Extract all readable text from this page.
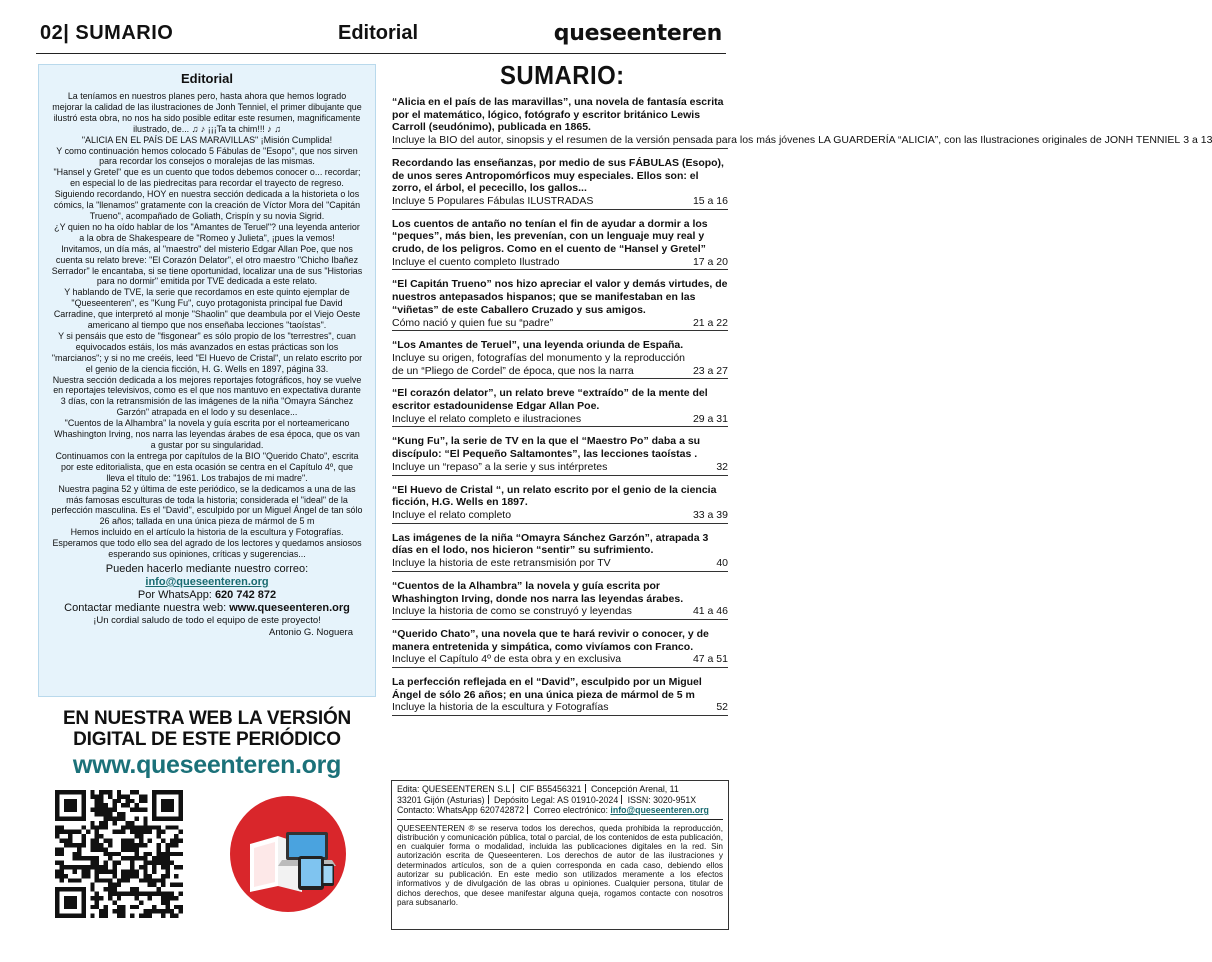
02| SUMARIO	Editorial	queseenteren
Editorial

La teníamos en nuestros planes pero, hasta ahora que hemos logrado mejorar la calidad de las ilustraciones de Jonh Tenniel, el primer dibujante que ilustró esta obra, no nos ha sido posible editar este resumen, magnificamente ilustrado, de... ♫ ♪ ¡¡¡Ta ta chim!!! ♪ ♫

"ALICIA EN EL PAÍS DE LAS MARAVILLAS" ¡Misión Cumplida!

Y como continuación hemos colocado 5 Fábulas de "Esopo", que nos sirven para recordar los consejos o moralejas de las mismas.

"Hansel y Gretel" que es un cuento que todos debemos conocer o... recordar; en especial lo de las piedrecitas para recordar el trayecto de regreso.

Siguiendo recordando, HOY en nuestra sección dedicada a la historieta o los cómics, la "llenamos" gratamente con la creación de Víctor Mora del "Capitán Trueno", acompañado de Goliath, Crispín y su novia Sigrid.

¿Y quien no ha oído hablar de los "Amantes de Teruel"? una leyenda anterior a la obra de Shakespeare de "Romeo y Julieta", ¡pues la vemos!

Invitamos, un día más, al "maestro" del misterio Edgar Allan Poe, que nos cuenta su relato breve: "El Corazón Delator", el otro maestro "Chicho Ibañez Serrador" le encantaba, si se tiene oportunidad, localizar una de sus "Historias para no dormir" emitida por TVE dedicada a este relato.

Y hablando de TVE, la serie que recordamos en este quinto ejemplar de "Queseenteren", es "Kung Fu", cuyo protagonista principal fue David Carradine, que interpretó al monje "Shaolin" que deambula por el Viejo Oeste americano al tiempo que nos enseñaba lecciones "taoístas".

Y si pensáis que esto de "fisgonear" es sólo propio de los "terrestres", cuan equivocados estáis, los más avanzados en estas prácticas son los "marcianos"; y si no me creéis, leed "El Huevo de Cristal", un relato escrito por el genio de la ciencia ficción, H. G. Wells en 1897, página 33.

Nuestra sección dedicada a los mejores reportajes fotográficos, hoy se vuelve en reportajes televisivos, como es el que nos mantuvo en expectativa durante 3 días, con la retransmisión de las imágenes de la niña "Omayra Sánchez Garzón" atrapada en el lodo y su desenlace...

"Cuentos de la Alhambra" la novela y guía escrita por el norteamericano Whashington Irving, nos narra las leyendas árabes de esa época, que os van a gustar por su singularidad.

Continuamos con la entrega por capítulos de la BIO "Querido Chato", escrita por este editorialista, que en esta ocasión se centra en el Capítulo 4º, que lleva el título de: "1961. Los trabajos de mi madre".

Nuestra pagina 52 y última de este periódico, se la dedicamos a una de las más famosas esculturas de toda la historia; considerada el "ideal" de la perfección masculina. Es el "David", esculpido por un Miguel Ángel de tan sólo 26 años; tallada en una única pieza de mármol de 5 m

Hemos incluido en el artículo la historia de la escultura y Fotografías.

Esperamos que todo ello sea del agrado de los lectores y quedamos ansiosos esperando sus opiniones, críticas y sugerencias...

Pueden hacerlo mediante nuestro correo: info@queseenteren.org
Por WhatsApp: 620 742 872
Contactar mediante nuestra web: www.queseenteren.org
¡Un cordial saludo de todo el equipo de este proyecto!
Antonio G. Noguera
EN NUESTRA WEB LA VERSIÓN
DIGITAL DE ESTE PERIÓDICO
www.queseenteren.org
SUMARIO:
“Alicia en el país de las maravillas”, una novela de fantasía escrita por el matemático, lógico, fotógrafo y escritor británico Lewis Carroll (seudónimo), publicada en 1865.
Incluye la BIO del autor, sinopsis y el resumen de la versión pensada para los más jóvenes LA GUARDERÍA “ALICIA”, con las Ilustraciones originales de JONH TENNIEL 3 a 13
Recordando las enseñanzas, por medio de sus FÁBULAS (Esopo), de unos seres Antropomórficos muy especiales. Ellos son: el zorro, el árbol, el pececillo, los gallos...
Incluye 5 Populares Fábulas ILUSTRADAS	15 a 16
Los cuentos de antaño no tenían el fin de ayudar a dormir a los “peques”, más bien, les prevenían, con un lenguaje muy real y crudo, de los peligros. Como en el cuento de “Hansel y Gretel”
Incluye el cuento completo Ilustrado	17 a 20
“El Capitán Trueno” nos hizo apreciar el valor y demás virtudes, de nuestros antepasados hispanos; que se manifestaban en las “viñetas” de este Caballero Cruzado y sus amigos.
Cómo nació y quien fue su “padre”	21 a 22
“Los Amantes de Teruel”, una leyenda oriunda de España.
Incluye su origen, fotografías del monumento y la reproducción de un “Pliego de Cordel” de época, que nos la narra	23 a 27
“El corazón delator”, un relato breve “extraído” de la mente del escritor estadounidense Edgar Allan Poe.
Incluye el relato completo e ilustraciones	29 a 31
“Kung Fu”, la serie de TV en la que el “Maestro Po” daba a su discípulo: “El Pequeño Saltamontes”, las lecciones taoístas .
Incluye un “repaso” a la serie y sus intérpretes	32
“El Huevo de Cristal “, un relato escrito por el genio de la ciencia ficción, H.G. Wells en 1897.
Incluye el relato completo	33 a 39
Las imágenes de la niña “Omayra Sánchez Garzón”, atrapada 3 días en el lodo, nos hicieron “sentir” su sufrimiento.
Incluye la historia de este retransmisión por TV	40
“Cuentos de la Alhambra” la novela y guía escrita por Whashington Irving, donde nos narra las leyendas árabes.
Incluye la historia de como se construyó y leyendas	41 a 46
“Querido Chato”, una novela que te hará revivir o conocer, y de manera entretenida y simpática, como vivíamos con Franco.
Incluye el Capítulo 4º de esta obra y en exclusiva	47 a 51
La perfección reflejada en el “David”, esculpido por un Miguel Ángel de sólo 26 años; en una única pieza de mármol de 5 m
Incluye la historia de la escultura y Fotografías	52
Edita: QUESEENTEREN S.L CIF B55456321 Concepción Arenal, 11
33201 Gijón (Asturias) Depósito Legal: AS 01910-2024 ISSN: 3020-951X
Contacto: WhatsApp 620742872 Correo electrónico: info@queseenteren.org
QUESEENTEREN ® se reserva todos los derechos, queda prohibida la reproducción, distribución y comunicación pública, total o parcial, de los contenidos de esta publicación, en cualquier forma o modalidad, incluida las publicaciones digitales en la red. Sin autorización escrita de Queseenteren. Los derechos de autor de las ilustraciones y determinados artículos, son de a quien corresponda en cada caso, debiendo ellos autorizar su publicación. En este medio son utilizados meramente a los efectos informativos y de divulgación de las obras u opiniones. Cualquier persona, titular de dichos derechos, que desee manifestar alguna queja, rogamos contacte con nosotros para subsanarlo.
